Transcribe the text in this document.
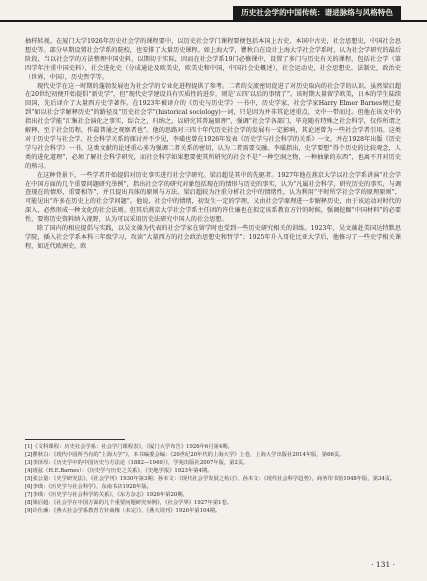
历史社会学的中国传统：谱进脉络与风格特色

抽样转视。在厦门大学1926年历史社会学的课程要中，以历史社会学门课程要便包括本国上古史，本国中古史，社会思想史，中国社会思想史等。部分早期设置社会学系的院校，也安排了大量历史课程。如上海大学，瞿秋白在设计上海大学社会学系时，认为社会学研究的最后阶段，当以社会学的方法整理中国史料，以期切于实际，因而在社会学系19门必修课中，设置了多门与历史有关的课程，包括社会学（第四学年注重中国史料），社会进化史（分成通论及欧美史，欧美史和中国，中国社会史概述），社会运动史，社会思想史，法制史，政治史（世界，中国），历史哲学等。

现代史学在这一时期的蓬勃发展也为社会学的专业化进程提供了参考。二者的交流密切促进了对历史取向的社会学的认识。虽然梁启超在20世纪初便开始提倡“新史学”，但“现代史学建设具有实质性的进步，则是‘五四’以后的事情了”。该时期大量留学欧美，日本的学生陆续回国，先后译介了大量西方史学著作。在1923年被译介的《历史与历史学》一书中，历史学家，社会学家Harry Elmer Barnes便已提到“如以社会学解释历史”的路径及“历史社会学”(historical sociology)一词，只是因为并非其论述重点，文中一带而过。但他在该文中仍指出社会学能“汇集社会演化之事实，综合之，归纳之，以研究其普遍原理”，强调“社会学各部门，毕竟随有特殊之社会科学，仅作所谓之解释，至于社会历程，作最普通之观察者也”。他的思路对三四十年代历史社会学的发展有一定影响，其论述曾为一些社会学者引用。这类对于历史学与社会学、社会科学关系的探讨并不少见，李璜也曾在1926年发表《历史学与社会科学的关系》一文，并在1928年出版《历史学与社会科学》一书，这类文献的论述重心多为强调二者关系的密切，认为二者需要交融。李璜指出，史学要想“得个历史的比较观念，人类的进化道理”，必须了解社会科学研究，而社会科学如果想要使其所研究的社会不是“一种空洞之物，一种抽象的东西”，也离不开对历史的熟习。

在这种背景下，一些学者开始提倡对历史事实进行社会学研究。梁启超是其中的先驱者。1927年他在燕京大学以社会学系讲演“社会学在中国方面的几个重要问题研究举例”，指出社会学的研究对象包括现在的情形与历史的事实，认为“凡属社会科学，研究历史的事实，与调查现在的情形，重要相等”，并且提出具体的原则与方法。梁启超较为注重分析社会中的情绪性，认为利用“平时所学社会学的原理原则”，可能见出“许多在历史上的社会学问题”。他说，社会中的情绪，初发生一定的学理，又由社会学原理进一步解释历史，由于该运动对时代的深入，必然形成一种文化的社会法则。但其后燕京大学社会学系主任团的许仕廉也在拟定该系教育方针的时候，强调挖掘“中国材料”的必要性，要将历史资料纳入视野，认为可以采用历史法研究中国人的社会思想。

除了国内的相应提倡与实践，以吴文藻为代表的社会学家在留学时也受到一些历史研究相关的训练。1923年，吴文藻赴美国达特默思学院，插入社会学系本科三年级学习，攻读“大量西方的社会政治思想史和哲学”；1925年升入哥伦比亚大学后，他修习了一些史学相关课程，如近代欧洲史、欧

[1]《文科课程：历史社会学系：社会学门课程表》，《厦门大学布告》1926年6月第4期。
[2]瞿秋白：《现代中国所当有的“上海大学”》，本书编委会编：《20世纪20年代的上海大学》上卷，上海大学出版社2014年版，第66页。
[3]李泽厚：《历史学中的中国历史与方法论（1882—1949）》，学苑出版社2007年版，第2页。
[4]班兹（H.E.Barnes）：《历史学与历史之关系》，《史地学报》1923年第4期。
[5]张公量：《史学研究法》，《社会学刊》1930年第3期；孙本文：《现代社会学发展之检讨》，孙本文：《现代社会科学趋势》，商务印书馆1948年版，第34页。
[6]李璜：《历史学与社会科学》，东南书店1928年版。
[7]李璜：《历史学与社会科学的关系》，《东方杂志》1926年第20期。
[8]梁启超：《社会学在中国方面的几个重要问题研究举例》，《社会学界》1927年第1卷。
[9]许仕廉：《燕大社会学系教育方针商権（未完）》，《燕大周刊》1926年第104期。
· 131 ·
